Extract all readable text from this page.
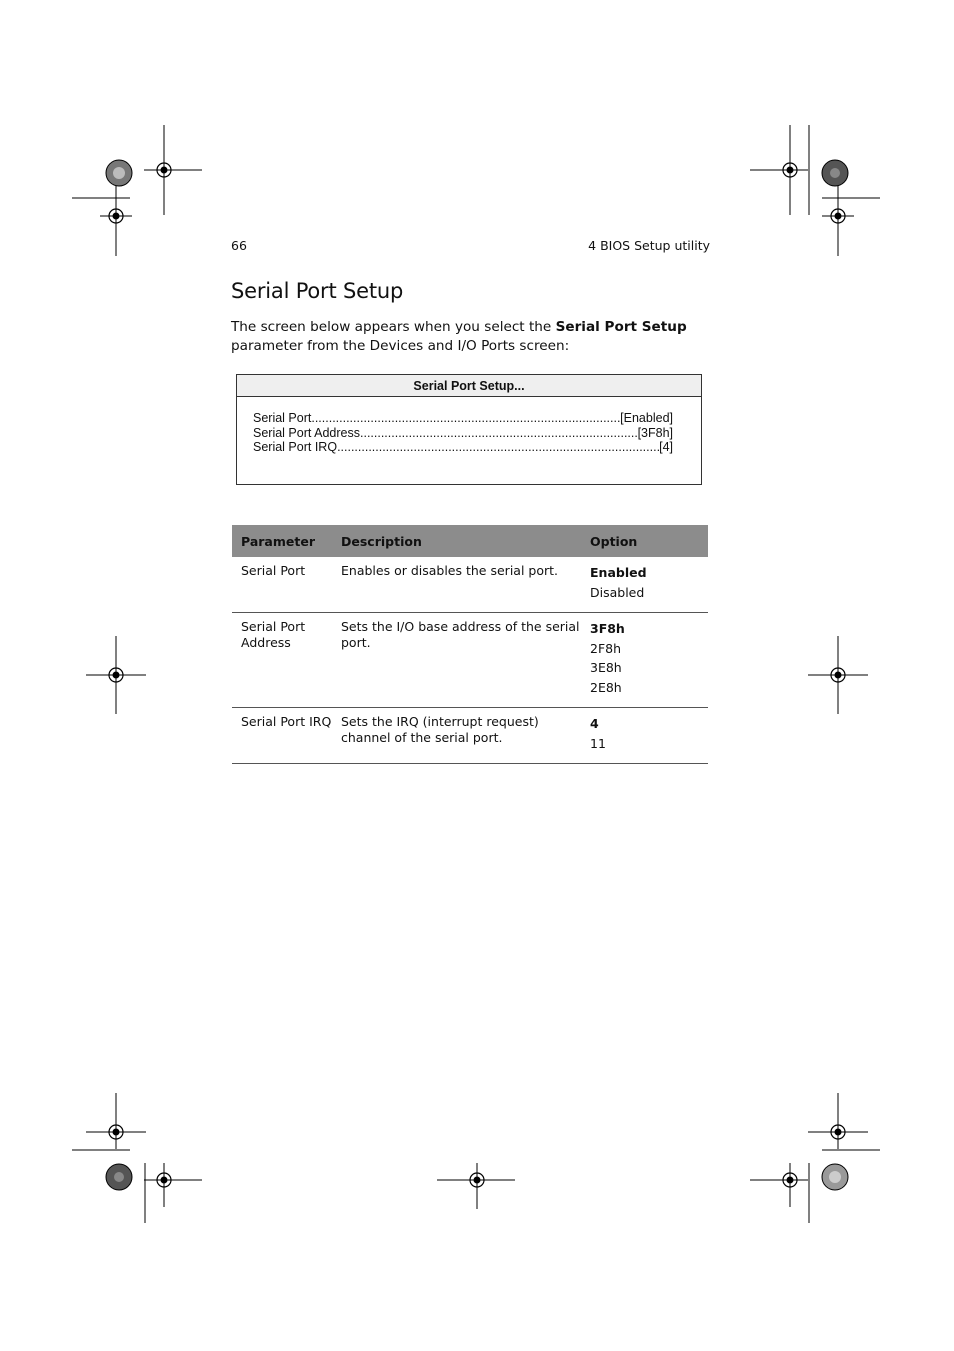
66	4 BIOS Setup utility
Serial Port Setup
The screen below appears when you select the Serial Port Setup parameter from the Devices and I/O Ports screen:
Serial Port Setup...
Serial Port .....	[Enabled]
Serial Port Address .....	[3F8h]
Serial Port IRQ .....	[4]
Parameter	Description	Option
Serial Port	Enables or disables the serial port.	Enabled
Disabled

Serial Port Address	Sets the I/O base address of the serial port.	3F8h
2F8h
3E8h
2E8h

Serial Port IRQ	Sets the IRQ (interrupt request) channel of the serial port.	4
11
